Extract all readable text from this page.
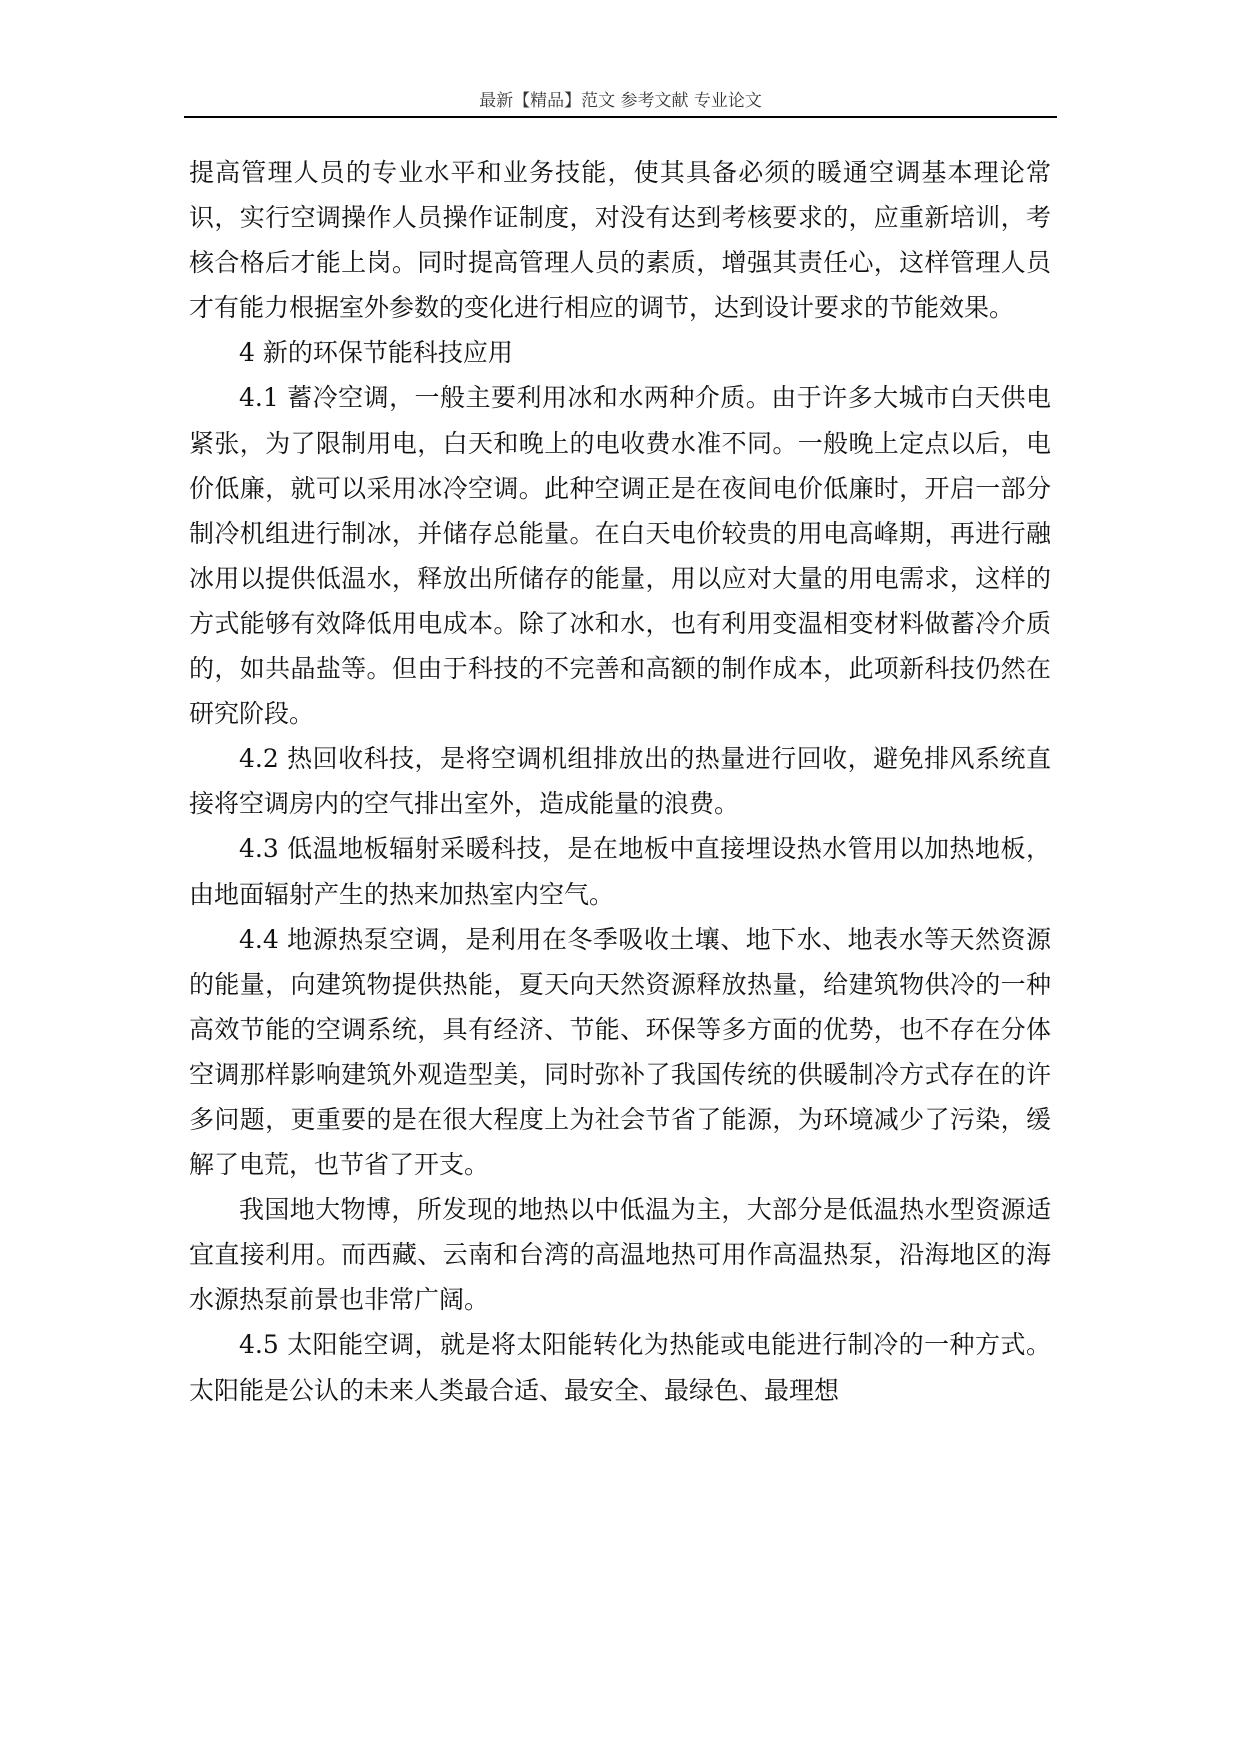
最新【精品】范文 参考文献 专业论文

提高管理人员的专业水平和业务技能，使其具备必须的暖通空调基本理论常识，实行空调操作人员操作证制度，对没有达到考核要求的，应重新培训，考核合格后才能上岗。同时提高管理人员的素质，增强其责任心，这样管理人员才有能力根据室外参数的变化进行相应的调节，达到设计要求的节能效果。

4 新的环保节能科技应用

4.1 蓄冷空调，一般主要利用冰和水两种介质。由于许多大城市白天供电紧张，为了限制用电，白天和晚上的电收费水准不同。一般晚上定点以后，电价低廉，就可以采用冰冷空调。此种空调正是在夜间电价低廉时，开启一部分制冷机组进行制冰，并储存总能量。在白天电价较贵的用电高峰期，再进行融冰用以提供低温水，释放出所储存的能量，用以应对大量的用电需求，这样的方式能够有效降低用电成本。除了冰和水，也有利用变温相变材料做蓄冷介质的，如共晶盐等。但由于科技的不完善和高额的制作成本，此项新科技仍然在研究阶段。

4.2 热回收科技，是将空调机组排放出的热量进行回收，避免排风系统直接将空调房内的空气排出室外，造成能量的浪费。

4.3 低温地板辐射采暖科技，是在地板中直接埋设热水管用以加热地板，由地面辐射产生的热来加热室内空气。

4.4 地源热泵空调，是利用在冬季吸收土壤、地下水、地表水等天然资源的能量，向建筑物提供热能，夏天向天然资源释放热量，给建筑物供冷的一种高效节能的空调系统，具有经济、节能、环保等多方面的优势，也不存在分体空调那样影响建筑外观造型美，同时弥补了我国传统的供暖制冷方式存在的许多问题，更重要的是在很大程度上为社会节省了能源，为环境减少了污染，缓解了电荒，也节省了开支。

我国地大物博，所发现的地热以中低温为主，大部分是低温热水型资源适宜直接利用。而西藏、云南和台湾的高温地热可用作高温热泵，沿海地区的海水源热泵前景也非常广阔。

4.5 太阳能空调，就是将太阳能转化为热能或电能进行制冷的一种方式。太阳能是公认的未来人类最合适、最安全、最绿色、最理想
